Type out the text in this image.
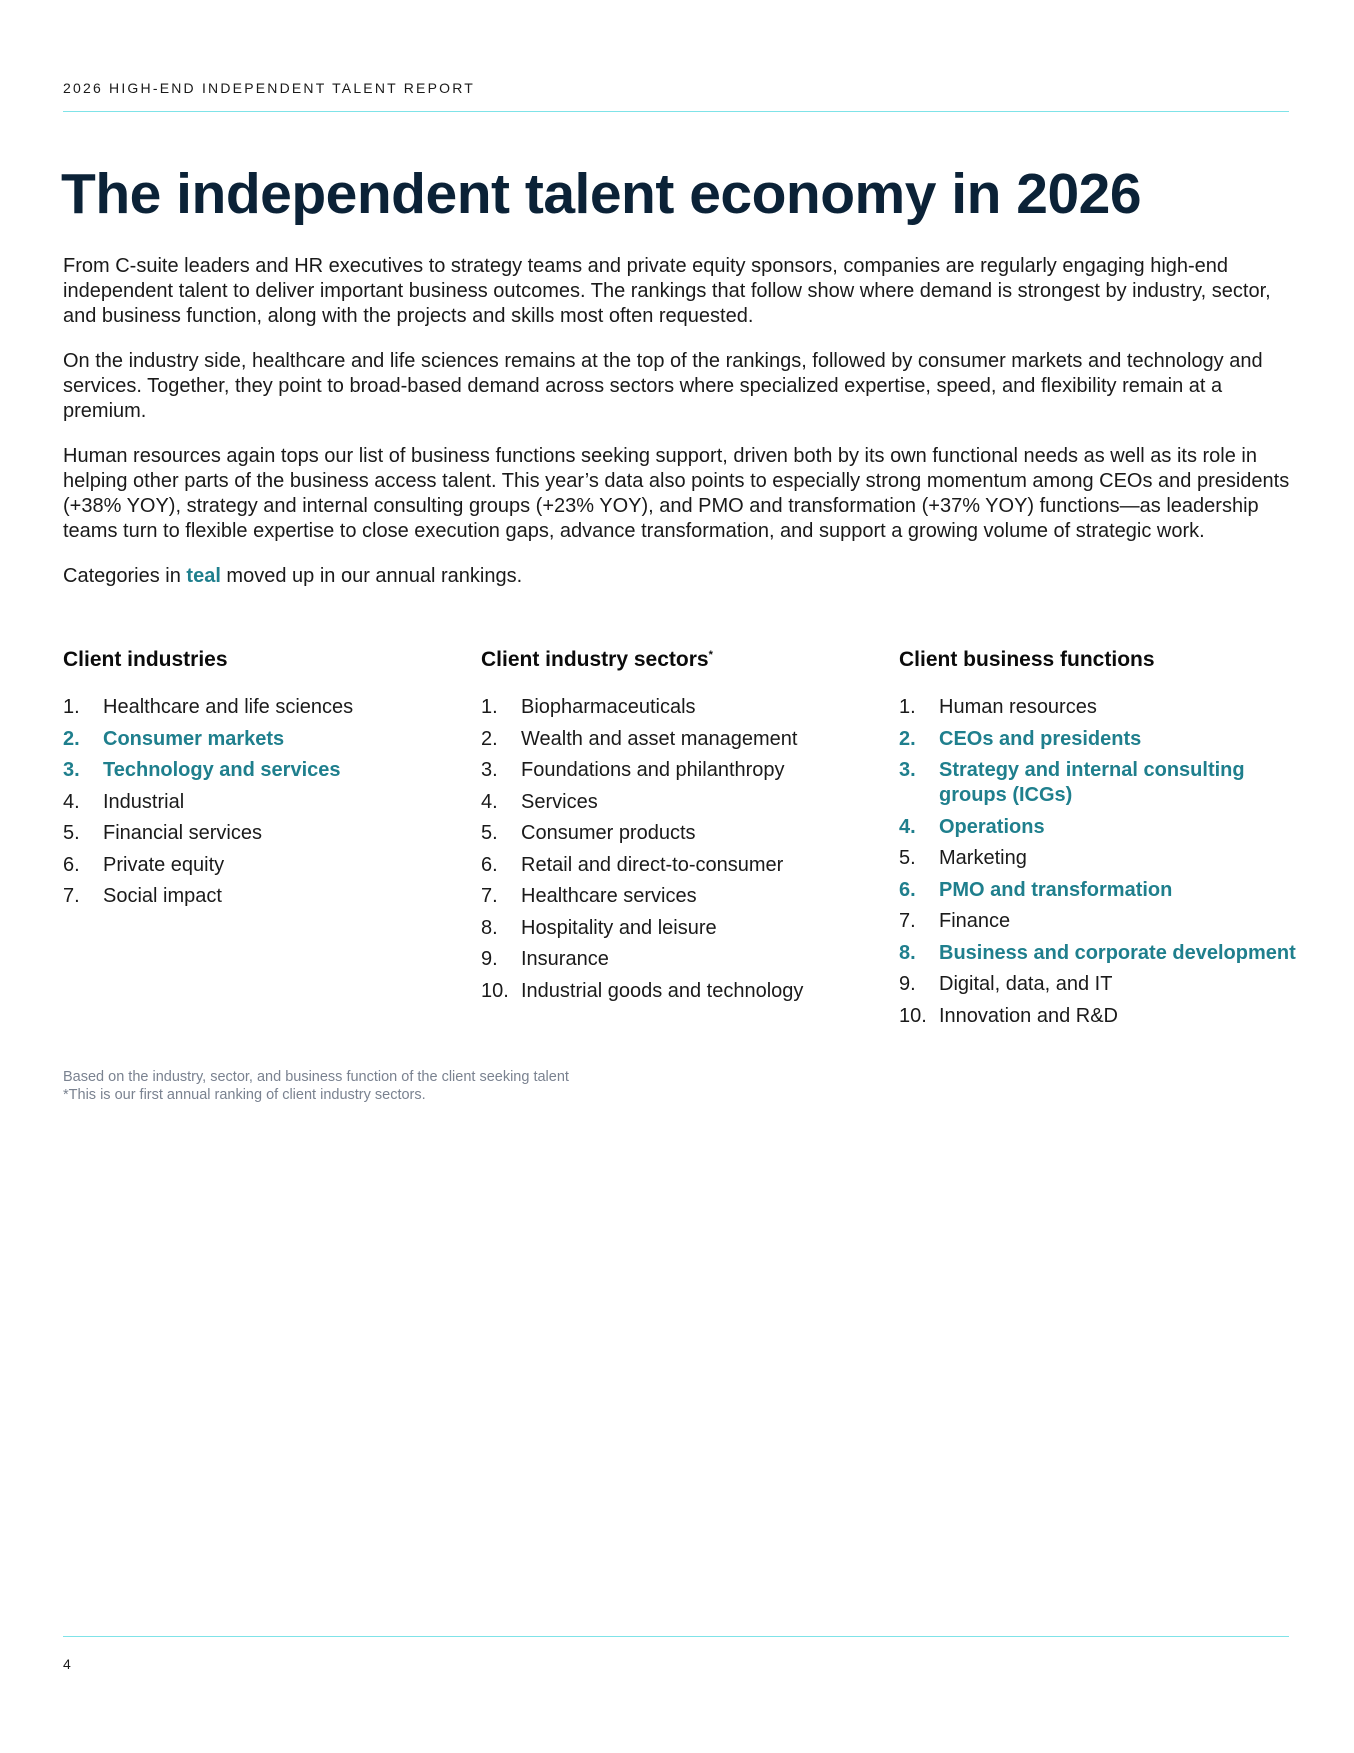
2026 HIGH-END INDEPENDENT TALENT REPORT
The independent talent economy in 2026

From C-suite leaders and HR executives to strategy teams and private equity sponsors, companies are regularly engaging high-end independent talent to deliver important business outcomes. The rankings that follow show where demand is strongest by industry, sector, and business function, along with the projects and skills most often requested.

On the industry side, healthcare and life sciences remains at the top of the rankings, followed by consumer markets and technology and services. Together, they point to broad-based demand across sectors where specialized expertise, speed, and flexibility remain at a premium.

Human resources again tops our list of business functions seeking support, driven both by its own functional needs as well as its role in helping other parts of the business access talent. This year’s data also points to especially strong momentum among CEOs and presidents (+38% YOY), strategy and internal consulting groups (+23% YOY), and PMO and transformation (+37% YOY) functions—as leadership teams turn to flexible expertise to close execution gaps, advance transformation, and support a growing volume of strategic work.

Categories in teal moved up in our annual rankings.

Client industries
1.	Healthcare and life sciences
2.	Consumer markets
3.	Technology and services
4.	Industrial
5.	Financial services
6.	Private equity
7.	Social impact
Client industry sectors*
1.	Biopharmaceuticals
2.	Wealth and asset management
3.	Foundations and philanthropy
4.	Services
5.	Consumer products
6.	Retail and direct-to-consumer
7.	Healthcare services
8.	Hospitality and leisure
9.	Insurance
10. Industrial goods and technology
Client business functions
1.	Human resources
2.	CEOs and presidents
3.	Strategy and internal consulting groups (ICGs)
4.	Operations
5.	Marketing
6.	PMO and transformation
7.	Finance
8.	Business and corporate development
9.	Digital, data, and IT
10. Innovation and R&D
Based on the industry, sector, and business function of the client seeking talent
*This is our first annual ranking of client industry sectors.
4
